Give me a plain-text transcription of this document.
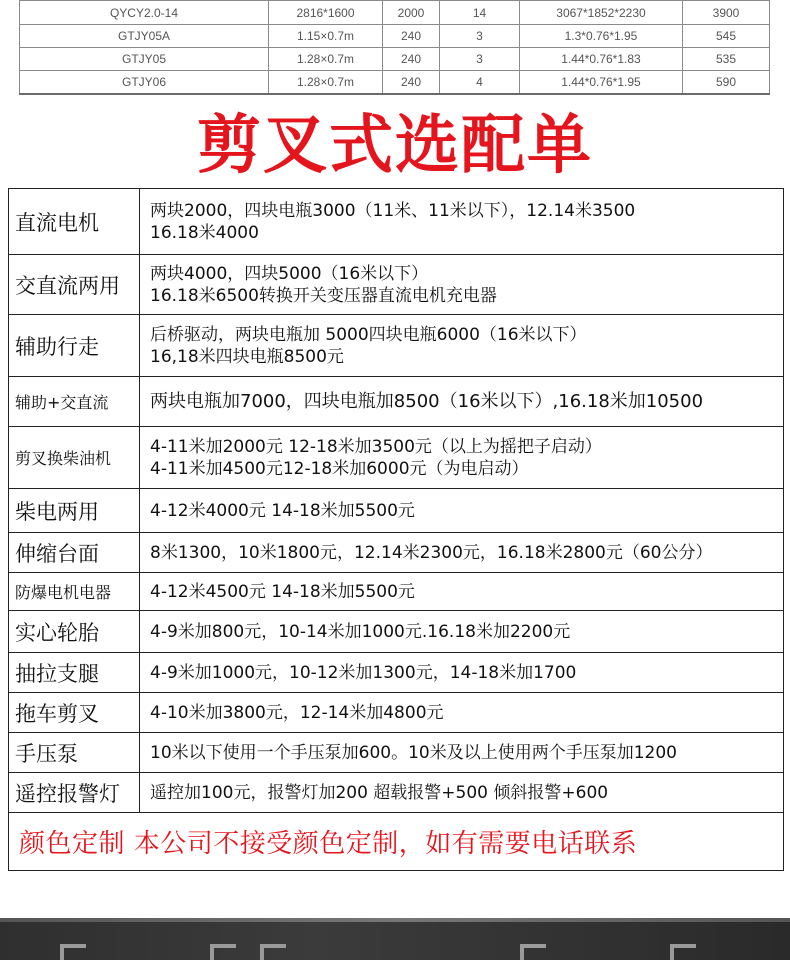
QYCY2.0-14	2816*1600	2000	14	3067*1852*2230	3900
GTJY05A	1.15×0.7m	240	3	1.3*0.76*1.95	545
GTJY05	1.28×0.7m	240	3	1.44*0.76*1.83	535
GTJY06	1.28×0.7m	240	4	1.44*0.76*1.95	590
剪叉式选配单
直流电机	两块2000，四块电瓶3000（11米、11米以下），12.14米3500
16.18米4000

交直流两用	两块4000，四块5000（16米以下）
16.18米6500转换开关变压器直流电机充电器

辅助行走	后桥驱动，两块电瓶加 5000四块电瓶6000（16米以下）
16,18米四块电瓶8500元

辅助+交直流	两块电瓶加7000，四块电瓶加8500（16米以下）,16.18米加10500

剪叉换柴油机	4-11米加2000元 12-18米加3500元（以上为摇把子启动）
4-11米加4500元12-18米加6000元（为电启动）

柴电两用	4-12米4000元 14-18米加5500元

伸缩台面	8米1300，10米1800元，12.14米2300元，16.18米2800元（60公分）

防爆电机电器	4-12米4500元 14-18米加5500元

实心轮胎	4-9米加800元，10-14米加1000元.16.18米加2200元

抽拉支腿	4-9米加1000元，10-12米加1300元，14-18米加1700

拖车剪叉	4-10米加3800元，12-14米加4800元

手压泵	10米以下使用一个手压泵加600。10米及以上使用两个手压泵加1200

遥控报警灯	遥控加100元，报警灯加200 超载报警+500 倾斜报警+600

颜色定制 本公司不接受颜色定制，如有需要电话联系	
